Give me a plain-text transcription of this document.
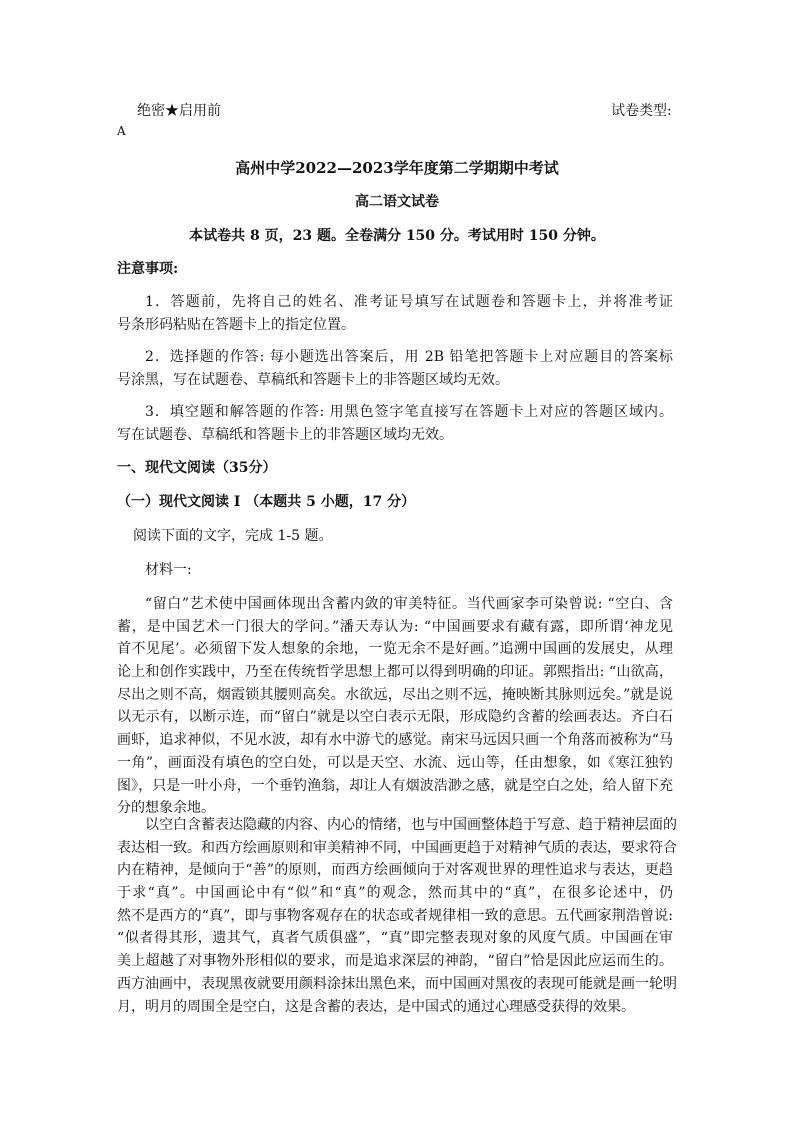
绝密★启用前	试卷类型:
A
高州中学2022—2023学年度第二学期期中考试
高二语文试卷
本试卷共 8 页，23 题。全卷满分 150 分。考试用时 150 分钟。
注意事项:
1．答题前，先将自己的姓名、准考证号填写在试题卷和答题卡上，并将准考证
号条形码粘贴在答题卡上的指定位置。
2．选择题的作答: 每小题选出答案后，用 2B 铅笔把答题卡上对应题目的答案标
号涂黑，写在试题卷、草稿纸和答题卡上的非答题区域均无效。
3．填空题和解答题的作答: 用黑色签字笔直接写在答题卡上对应的答题区域内。
写在试题卷、草稿纸和答题卡上的非答题区域均无效。
一、现代文阅读（35分）
（一）现代文阅读 I （本题共 5 小题，17 分）
阅读下面的文字，完成 1-5 题。
材料一:
“留白”艺术使中国画体现出含蓄内敛的审美特征。当代画家李可染曾说: “空白、含
蓄，是中国艺术一门很大的学问。”潘天寿认为: “中国画要求有藏有露，即所谓‘神龙见
首不见尾’。必须留下发人想象的余地，一览无余不是好画。”追溯中国画的发展史，从理
论上和创作实践中，乃至在传统哲学思想上都可以得到明确的印证。郭熙指出: “山欲高，
尽出之则不高，烟霞锁其腰则高矣。水欲远，尽出之则不远，掩映断其脉则远矣。”就是说
以无示有，以断示连，而“留白”就是以空白表示无限，形成隐约含蓄的绘画表达。齐白石
画虾，追求神似，不见水波，却有水中游弋的感觉。南宋马远因只画一个角落而被称为“马
一角”，画面没有填色的空白处，可以是天空、水流、远山等，任由想象，如《寒江独钓
图》，只是一叶小舟，一个垂钓渔翁，却让人有烟波浩渺之感，就是空白之处，给人留下充
分的想象余地。
以空白含蓄表达隐藏的内容、内心的情绪，也与中国画整体趋于写意、趋于精神层面的
表达相一致。和西方绘画原则和审美精神不同，中国画更趋于对精神气质的表达，要求符合
内在精神，是倾向于“善”的原则，而西方绘画倾向于对客观世界的理性追求与表达，更趋
于求“真”。中国画论中有“似”和“真”的观念，然而其中的“真”，在很多论述中，仍
然不是西方的“真”，即与事物客观存在的状态或者规律相一致的意思。五代画家荆浩曾说:
“似者得其形，遗其气，真者气质俱盛”，“真”即完整表现对象的风度气质。中国画在审
美上超越了对事物外形相似的要求，而是追求深层的神韵，“留白”恰是因此应运而生的。
西方油画中，表现黑夜就要用颜料涂抹出黑色来，而中国画对黑夜的表现可能就是画一轮明
月，明月的周围全是空白，这是含蓄的表达，是中国式的通过心理感受获得的效果。
